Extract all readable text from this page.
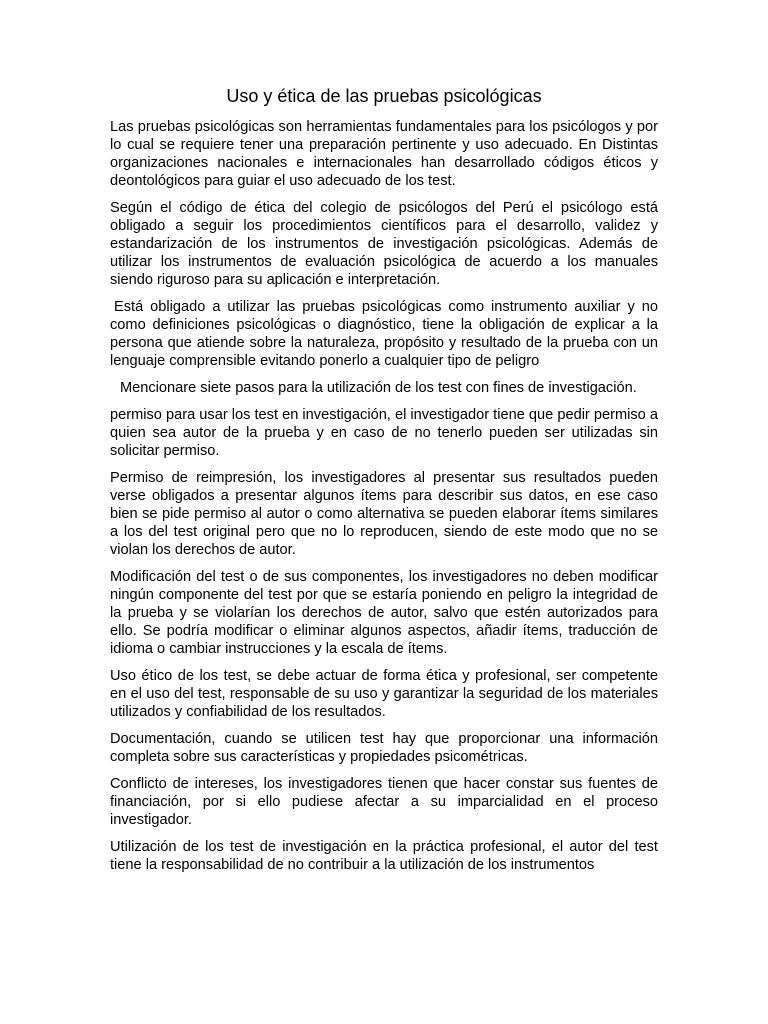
Uso y ética de las pruebas psicológicas

Las pruebas psicológicas son herramientas fundamentales para los psicólogos y por lo cual se requiere tener una preparación pertinente y uso adecuado. En Distintas organizaciones nacionales e internacionales han desarrollado códigos éticos y deontológicos para guiar el uso adecuado de los test.

Según el código de ética del colegio de psicólogos del Perú el psicólogo está obligado a seguir los procedimientos científicos para el desarrollo, validez y estandarización de los instrumentos de investigación psicológicas. Además de utilizar los instrumentos de evaluación psicológica de acuerdo a los manuales siendo riguroso para su aplicación e interpretación.

Está obligado a utilizar las pruebas psicológicas como instrumento auxiliar y no como definiciones psicológicas o diagnóstico, tiene la obligación de explicar a la persona que atiende sobre la naturaleza, propósito y resultado de la prueba con un lenguaje comprensible evitando ponerlo a cualquier tipo de peligro

Mencionare siete pasos para la utilización de los test con fines de investigación.

permiso para usar los test en investigación, el investigador tiene que pedir permiso a quien sea autor de la prueba y en caso de no tenerlo pueden ser utilizadas sin solicitar permiso.

Permiso de reimpresión, los investigadores al presentar sus resultados pueden verse obligados a presentar algunos ítems para describir sus datos, en ese caso bien se pide permiso al autor o como alternativa se pueden elaborar ítems similares a los del test original pero que no lo reproducen, siendo de este modo que no se violan los derechos de autor.

Modificación del test o de sus componentes, los investigadores no deben modificar ningún componente del test por que se estaría poniendo en peligro la integridad de la prueba y se violarían los derechos de autor, salvo que estén autorizados para ello. Se podría modificar o eliminar algunos aspectos, añadir ítems, traducción de idioma o cambiar instrucciones y la escala de ítems.

Uso ético de los test, se debe actuar de forma ética y profesional, ser competente en el uso del test, responsable de su uso y garantizar la seguridad de los materiales utilizados y confiabilidad de los resultados.

Documentación, cuando se utilicen test hay que proporcionar una información completa sobre sus características y propiedades psicométricas.

Conflicto de intereses, los investigadores tienen que hacer constar sus fuentes de financiación, por si ello pudiese afectar a su imparcialidad en el proceso investigador.

Utilización de los test de investigación en la práctica profesional, el autor del test tiene la responsabilidad de no contribuir a la utilización de los instrumentos
